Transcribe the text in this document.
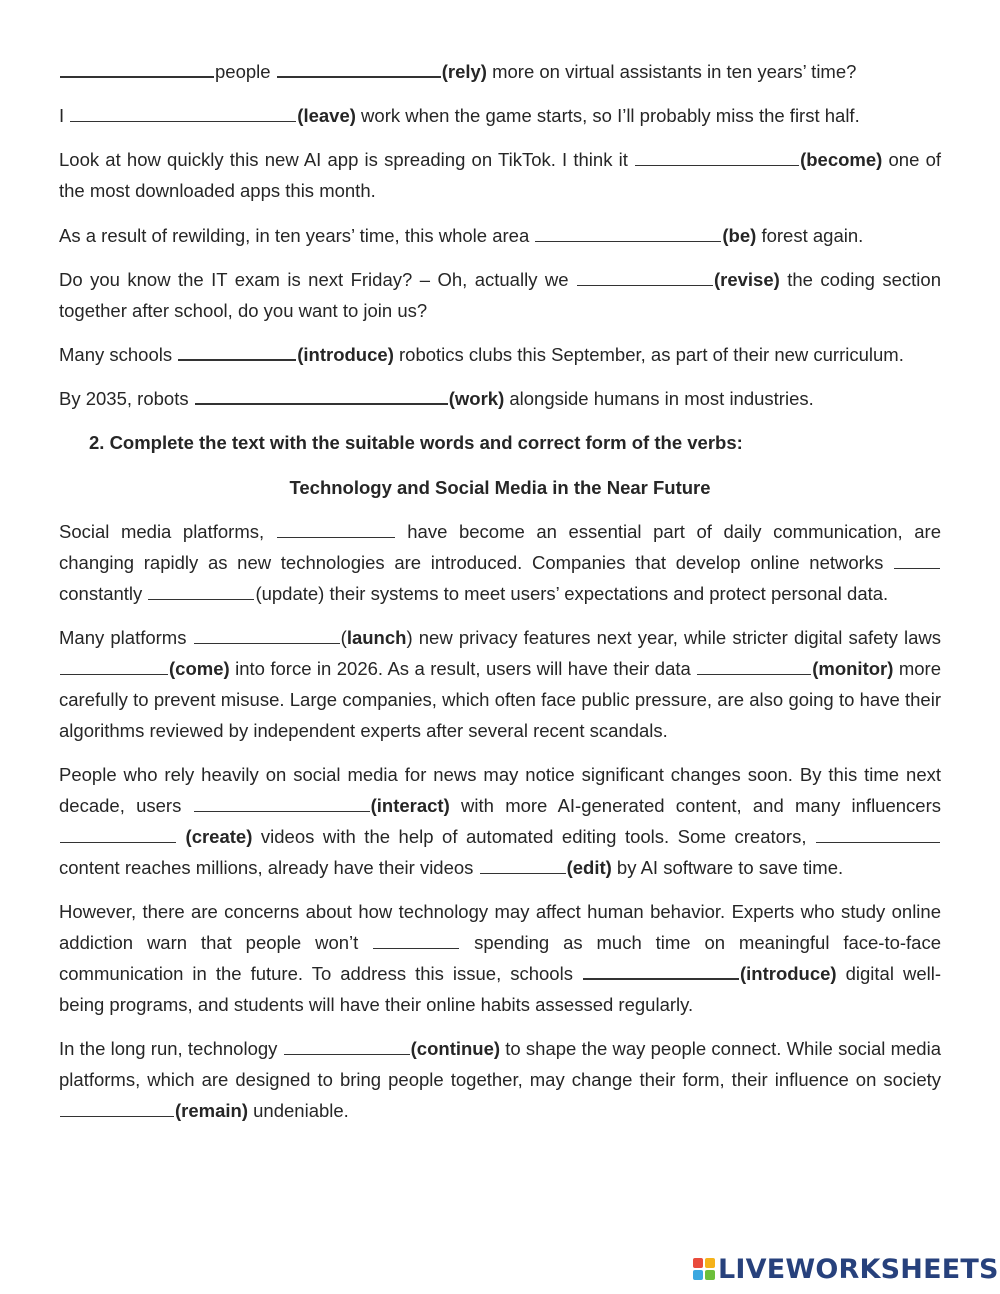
people	(rely) more on virtual assistants in ten years’ time?

I	(leave) work when the game starts, so I’ll probably miss the first half.

Look at how quickly this new AI app is spreading on TikTok. I think it	(become) one of the most downloaded apps this month.

As a result of rewilding, in ten years’ time, this whole area	(be) forest again.

Do you know the IT exam is next Friday? – Oh, actually we	(revise) the coding section together after school, do you want to join us?

Many schools	(introduce) robotics clubs this September, as part of their new curriculum.

By 2035, robots	(work) alongside humans in most industries.

2. Complete the text with the suitable words and correct form of the verbs:

Technology and Social Media in the Near Future

Social media platforms,	have become an essential part of daily communication, are changing rapidly as new technologies are introduced. Companies that develop online networks constantly	(update) their systems to meet users’ expectations and protect personal data.

Many platforms	(launch) new privacy features next year, while stricter digital safety laws (come) into force in 2026. As a result, users will have their data	(monitor) more carefully to prevent misuse. Large companies, which often face public pressure, are also going to have their algorithms reviewed by independent experts after several recent scandals.

People who rely heavily on social media for news may notice significant changes soon. By this time next decade, users	(interact) with more AI-generated content, and many influencers  (create) videos with the help of automated editing tools. Some creators,  content reaches millions, already have their videos	(edit) by AI software to save time.

However, there are concerns about how technology may affect human behavior. Experts who study online addiction warn that people won’t	spending as much time on meaningful face-to-face communication in the future. To address this issue, schools	(introduce) digital well-being programs, and students will have their online habits assessed regularly.

In the long run, technology	(continue) to shape the way people connect. While social media platforms, which are designed to bring people together, may change their form, their influence on society(remain) undeniable.

LIVEWORKSHEETS
